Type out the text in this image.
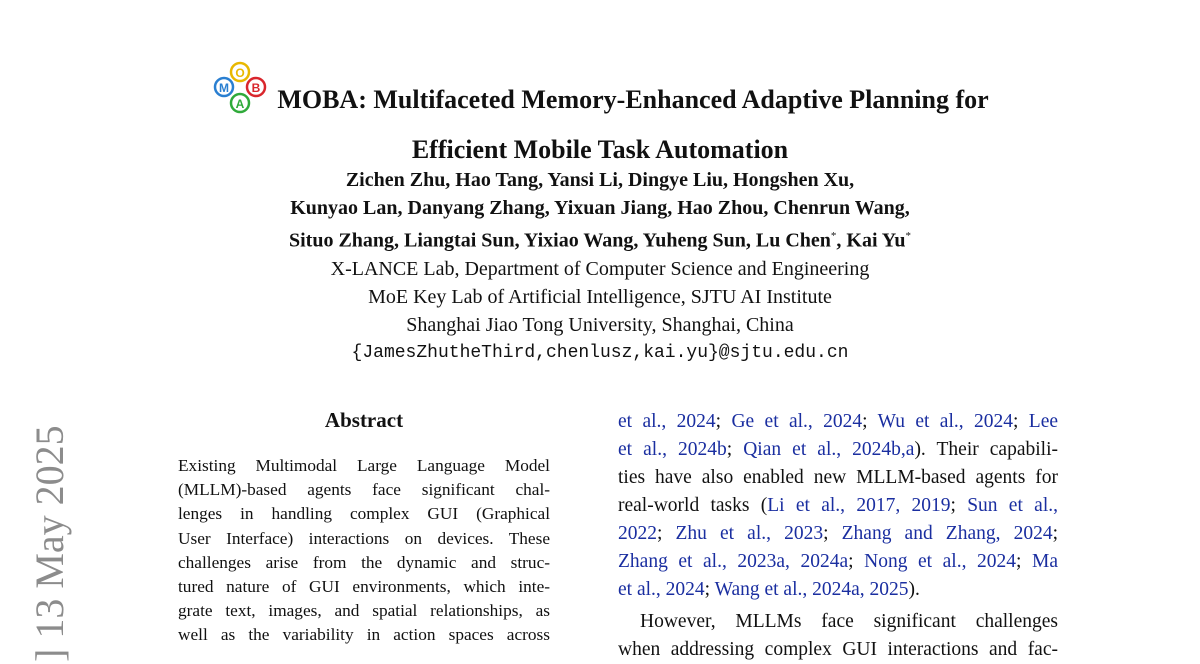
] 13 May 2025
O
M B
A MOBA: Multifaceted Memory-Enhanced Adaptive Planning for
Efficient Mobile Task Automation
Zichen Zhu, Hao Tang, Yansi Li, Dingye Liu, Hongshen Xu,
Kunyao Lan, Danyang Zhang, Yixuan Jiang, Hao Zhou, Chenrun Wang,
Situo Zhang, Liangtai Sun, Yixiao Wang, Yuheng Sun, Lu Chen*, Kai Yu*
X-LANCE Lab, Department of Computer Science and Engineering
MoE Key Lab of Artificial Intelligence, SJTU AI Institute
Shanghai Jiao Tong University, Shanghai, China
{JamesZhutheThird,chenlusz,kai.yu}@sjtu.edu.cn
Abstract
Existing Multimodal Large Language Model
(MLLM)-based agents face significant chal-
lenges in handling complex GUI (Graphical
User Interface) interactions on devices. These
challenges arise from the dynamic and struc-
tured nature of GUI environments, which inte-
grate text, images, and spatial relationships, as
well as the variability in action spaces across
et al., 2024; Ge et al., 2024; Wu et al., 2024; Lee
et al., 2024b; Qian et al., 2024b,a). Their capabili-
ties have also enabled new MLLM-based agents for
real-world tasks (Li et al., 2017, 2019; Sun et al.,
2022; Zhu et al., 2023; Zhang and Zhang, 2024;
Zhang et al., 2023a, 2024a; Nong et al., 2024; Ma
et al., 2024; Wang et al., 2024a, 2025).
However, MLLMs face significant challenges
when addressing complex GUI interactions and fac-
